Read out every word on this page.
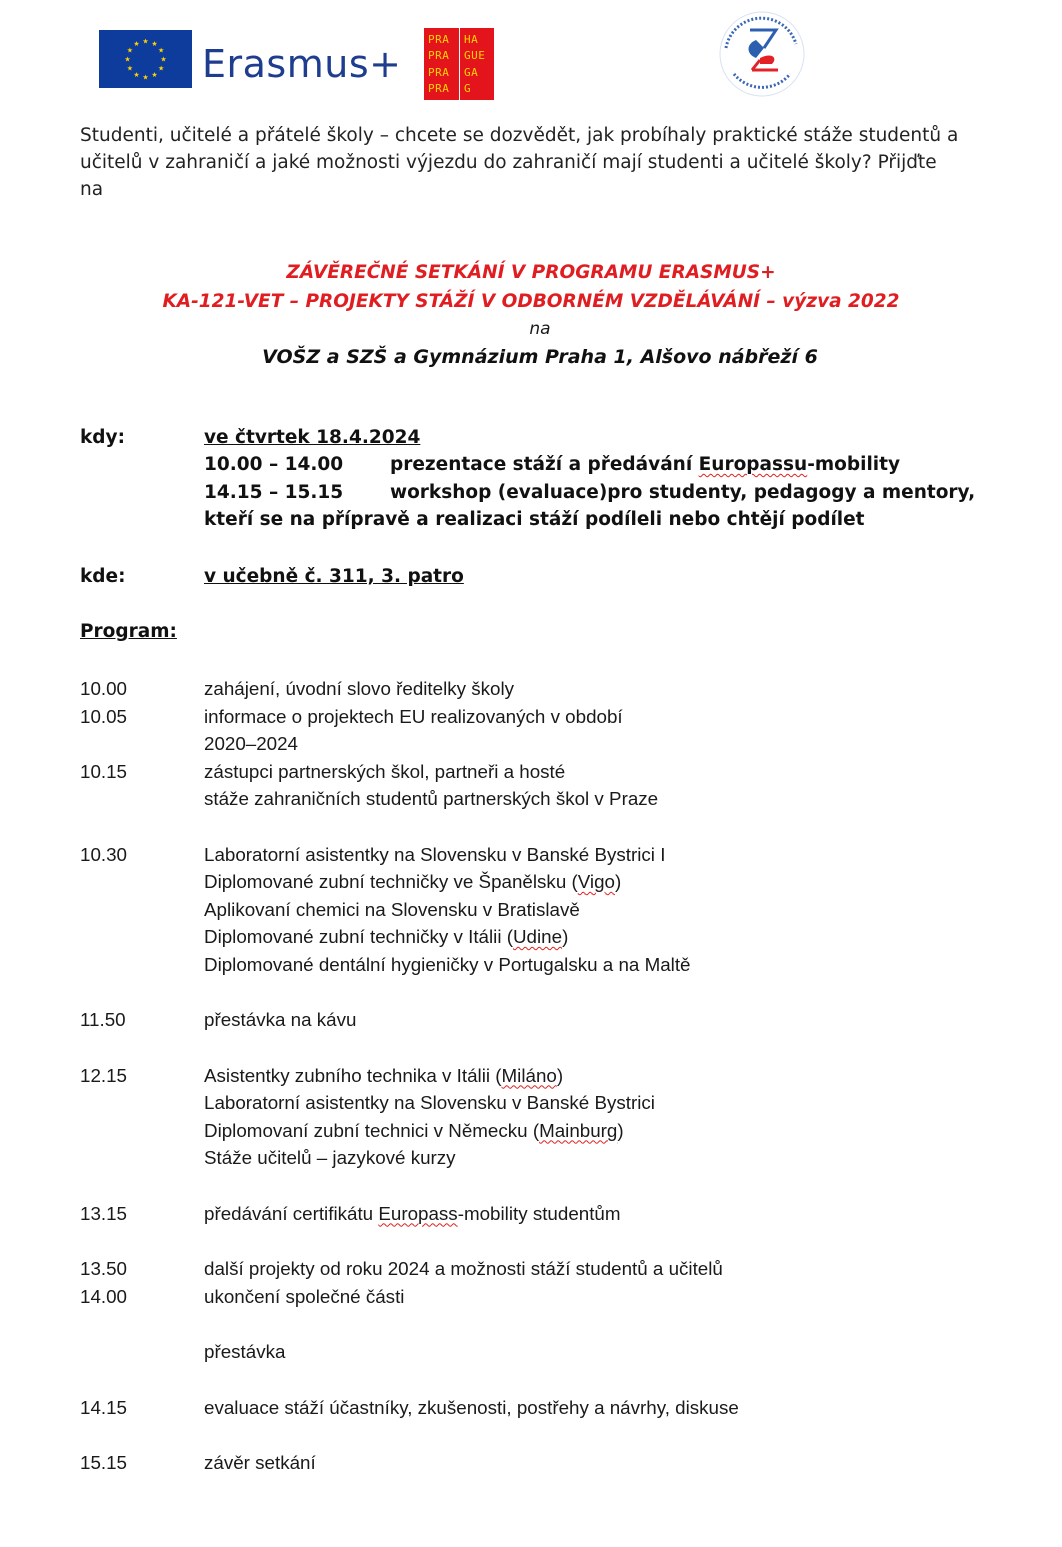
★ ★
★
★
★
★
★
★
★
★
★
★ Erasmus+
PRA
PRA
PRA
PRA
HA
GUE
GA
G
Studenti, učitelé a přátelé školy – chcete se dozvědět, jak probíhaly praktické stáže studentů a
učitelů v zahraničí a jaké možnosti výjezdu do zahraničí mají studenti a učitelé školy? Přijďte
na
ZÁVĚREČNÉ SETKÁNÍ V PROGRAMU ERASMUS+
KA-121-VET – PROJEKTY STÁŽÍ V ODBORNÉM VZDĚLÁVÁNÍ – výzva 2022
na
VOŠZ a SZŠ a Gymnázium Praha 1, Alšovo nábřeží 6
kdy:	ve čtvrtek 18.4.2024
10.00 – 14.00	prezentace stáží a předávání Europassu-mobility
14.15 – 15.15	workshop (evaluace)pro studenty, pedagogy a mentory,
kteří se na přípravě a realizaci stáží podíleli nebo chtějí podílet
kde:	v učebně č. 311, 3. patro
Program:
10.00	zahájení, úvodní slovo ředitelky školy
10.05	informace o projektech EU realizovaných v období
2020–2024
10.15	zástupci partnerských škol, partneři a hosté
stáže zahraničních studentů partnerských škol v Praze
10.30	Laboratorní asistentky na Slovensku v Banské Bystrici I
Diplomované zubní techničky ve Španělsku (Vigo)
Aplikovaní chemici na Slovensku v Bratislavě
Diplomované zubní techničky v Itálii (Udine)
Diplomované dentální hygieničky v Portugalsku a na Maltě
11.50	přestávka na kávu
12.15	Asistentky zubního technika v Itálii (Miláno)
Laboratorní asistentky na Slovensku v Banské Bystrici
Diplomovaní zubní technici v Německu (Mainburg)
Stáže učitelů – jazykové kurzy
13.15	předávání certifikátu Europass-mobility studentům
13.50	další projekty od roku 2024 a možnosti stáží studentů a učitelů
14.00	ukončení společné části
přestávka
14.15	evaluace stáží účastníky, zkušenosti, postřehy a návrhy, diskuse
15.15	závěr setkání
